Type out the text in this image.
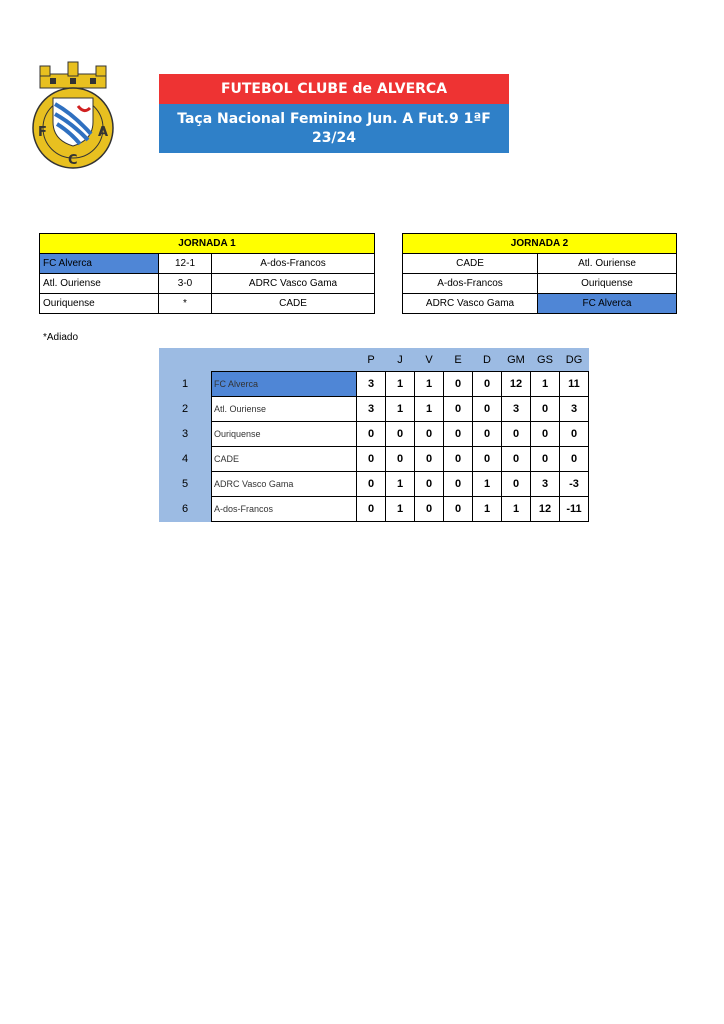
F	A
C
FUTEBOL CLUBE de ALVERCA
Taça Nacional Feminino Jun. A Fut.9 1ªF
23/24
JORNADA 1		
FC Alverca	12-1	A-dos-Francos
Atl. Ouriense	3-0	ADRC Vasco Gama
Ouriquense	*	CADE
JORNADA 2	
CADE	Atl. Ouriense
A-dos-Francos	Ouriquense
ADRC Vasco Gama	FC Alverca
*Adiado
		P	J	V	E	D	GM	GS	DG
1	FC Alverca	3	1	1	0	0	12	1	11
2	Atl. Ouriense	3	1	1	0	0	3	0	3
3	Ouriquense	0	0	0	0	0	0	0	0
4	CADE	0	0	0	0	0	0	0	0
5	ADRC Vasco Gama	0	1	0	0	1	0	3	-3
6	A-dos-Francos	0	1	0	0	1	1	12	-11
